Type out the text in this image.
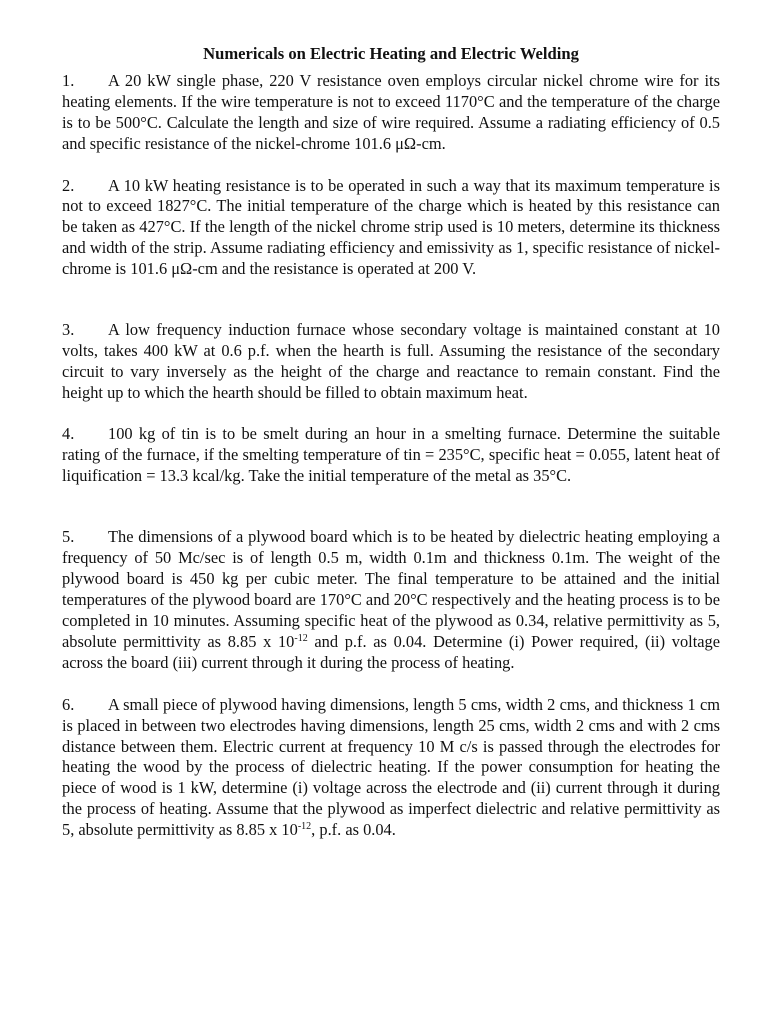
Numericals on Electric Heating and Electric Welding

1. A 20 kW single phase, 220 V resistance oven employs circular nickel chrome wire for its heating elements. If the wire temperature is not to exceed 1170°C and the temperature of the charge is to be 500°C. Calculate the length and size of wire required. Assume a radiating efficiency of 0.5 and specific resistance of the nickel-chrome 101.6 μΩ-cm.

2. A 10 kW heating resistance is to be operated in such a way that its maximum temperature is not to exceed 1827°C. The initial temperature of the charge which is heated by this resistance can be taken as 427°C. If the length of the nickel chrome strip used is 10 meters, determine its thickness and width of the strip. Assume radiating efficiency and emissivity as 1, specific resistance of nickel-chrome is 101.6 μΩ-cm and the resistance is operated at 200 V.

3. A low frequency induction furnace whose secondary voltage is maintained constant at 10 volts, takes 400 kW at 0.6 p.f. when the hearth is full. Assuming the resistance of the secondary circuit to vary inversely as the height of the charge and reactance to remain constant. Find the height up to which the hearth should be filled to obtain maximum heat.

4. 100 kg of tin is to be smelt during an hour in a smelting furnace. Determine the suitable rating of the furnace, if the smelting temperature of tin = 235°C, specific heat = 0.055, latent heat of liquification = 13.3 kcal/kg. Take the initial temperature of the metal as 35°C.

5. The dimensions of a plywood board which is to be heated by dielectric heating employing a frequency of 50 Mc/sec is of length 0.5 m, width 0.1m and thickness 0.1m. The weight of the plywood board is 450 kg per cubic meter. The final temperature to be attained and the initial temperatures of the plywood board are 170°C and 20°C respectively and the heating process is to be completed in 10 minutes. Assuming specific heat of the plywood as 0.34, relative permittivity as 5, absolute permittivity as 8.85 x $10^{-12}$ and p.f. as 0.04. Determine (i) Power required, (ii) voltage across the board (iii) current through it during the process of heating.

6. A small piece of plywood having dimensions, length 5 cms, width 2 cms, and thickness 1 cm is placed in between two electrodes having dimensions, length 25 cms, width 2 cms and with 2 cms distance between them. Electric current at frequency 10 M c/s is passed through the electrodes for heating the wood by the process of dielectric heating. If the power consumption for heating the piece of wood is 1 kW, determine (i) voltage across the electrode and (ii) current through it during the process of heating. Assume that the plywood as imperfect dielectric and relative permittivity as 5, absolute permittivity as 8.85 x $10^{-12}$, p.f. as 0.04.
